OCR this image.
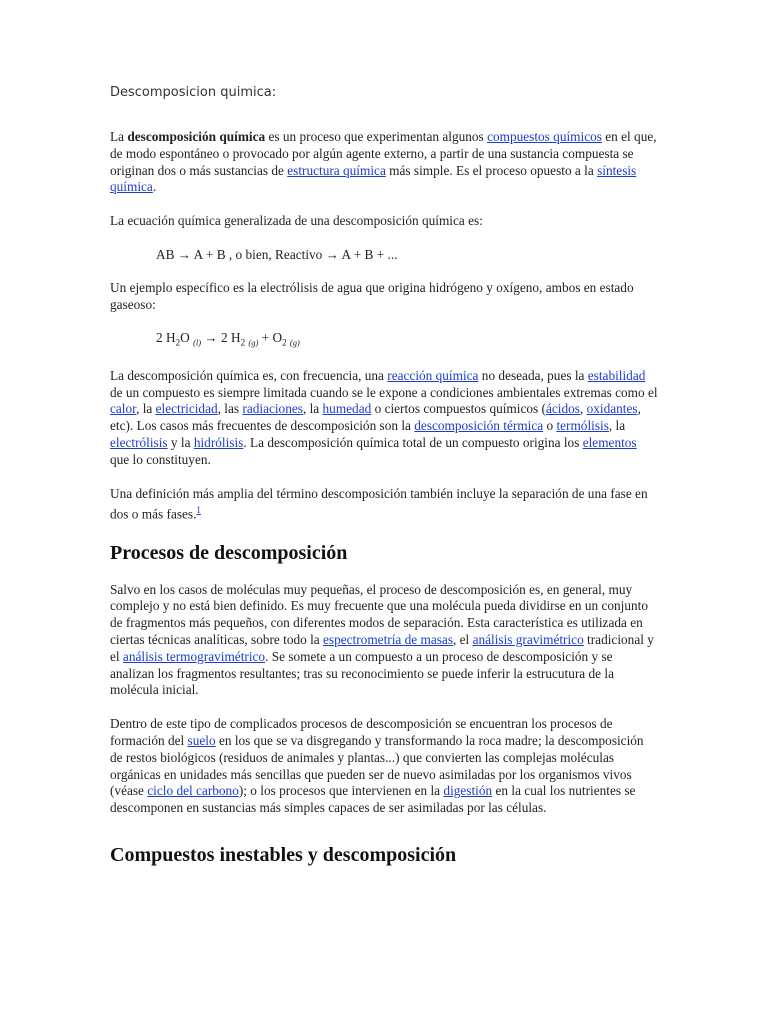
Descomposicion quimica:

La descomposición química es un proceso que experimentan algunos compuestos químicos en el que, de modo espontáneo o provocado por algún agente externo, a partir de una sustancia compuesta se originan dos o más sustancias de estructura química más simple. Es el proceso opuesto a la síntesis química.

La ecuación química generalizada de una descomposición química es:

AB → A + B , o bien, Reactivo → A + B + ...

Un ejemplo específico es la electrólisis de agua que origina hidrógeno y oxígeno, ambos en estado gaseoso:

2 $H_2O$ $_{(l)}$ → 2 $H_2$ $_{(g)} + O_2$ $_{(g)}$

La descomposición química es, con frecuencia, una reacción química no deseada, pues la estabilidad de un compuesto es siempre limitada cuando se le expone a condiciones ambientales extremas como el calor, la electricidad, las radiaciones, la humedad o ciertos compuestos químicos (ácidos, oxidantes, etc). Los casos más frecuentes de descomposición son la descomposición térmica o termólisis, la electrólisis y la hidrólisis. La descomposición química total de un compuesto origina los elementos que lo constituyen.

Una definición más amplia del término descomposición también incluye la separación de una fase en dos o más fases.$^1$

Procesos de descomposición

Salvo en los casos de moléculas muy pequeñas, el proceso de descomposición es, en general, muy complejo y no está bien definido. Es muy frecuente que una molécula pueda dividirse en un conjunto de fragmentos más pequeños, con diferentes modos de separación. Esta característica es utilizada en ciertas técnicas analíticas, sobre todo la espectrometría de masas, el análisis gravimétrico tradicional y el análisis termogravimétrico. Se somete a un compuesto a un proceso de descomposición y se analizan los fragmentos resultantes; tras su reconocimiento se puede inferir la estrucutura de la molécula inicial.

Dentro de este tipo de complicados procesos de descomposición se encuentran los procesos de formación del suelo en los que se va disgregando y transformando la roca madre; la descomposición de restos biológicos (residuos de animales y plantas...) que convierten las complejas moléculas orgánicas en unidades más sencillas que pueden ser de nuevo asimiladas por los organismos vivos (véase ciclo del carbono); o los procesos que intervienen en la digestión en la cual los nutrientes se descomponen en sustancias más simples capaces de ser asimiladas por las células.

Compuestos inestables y descomposición
